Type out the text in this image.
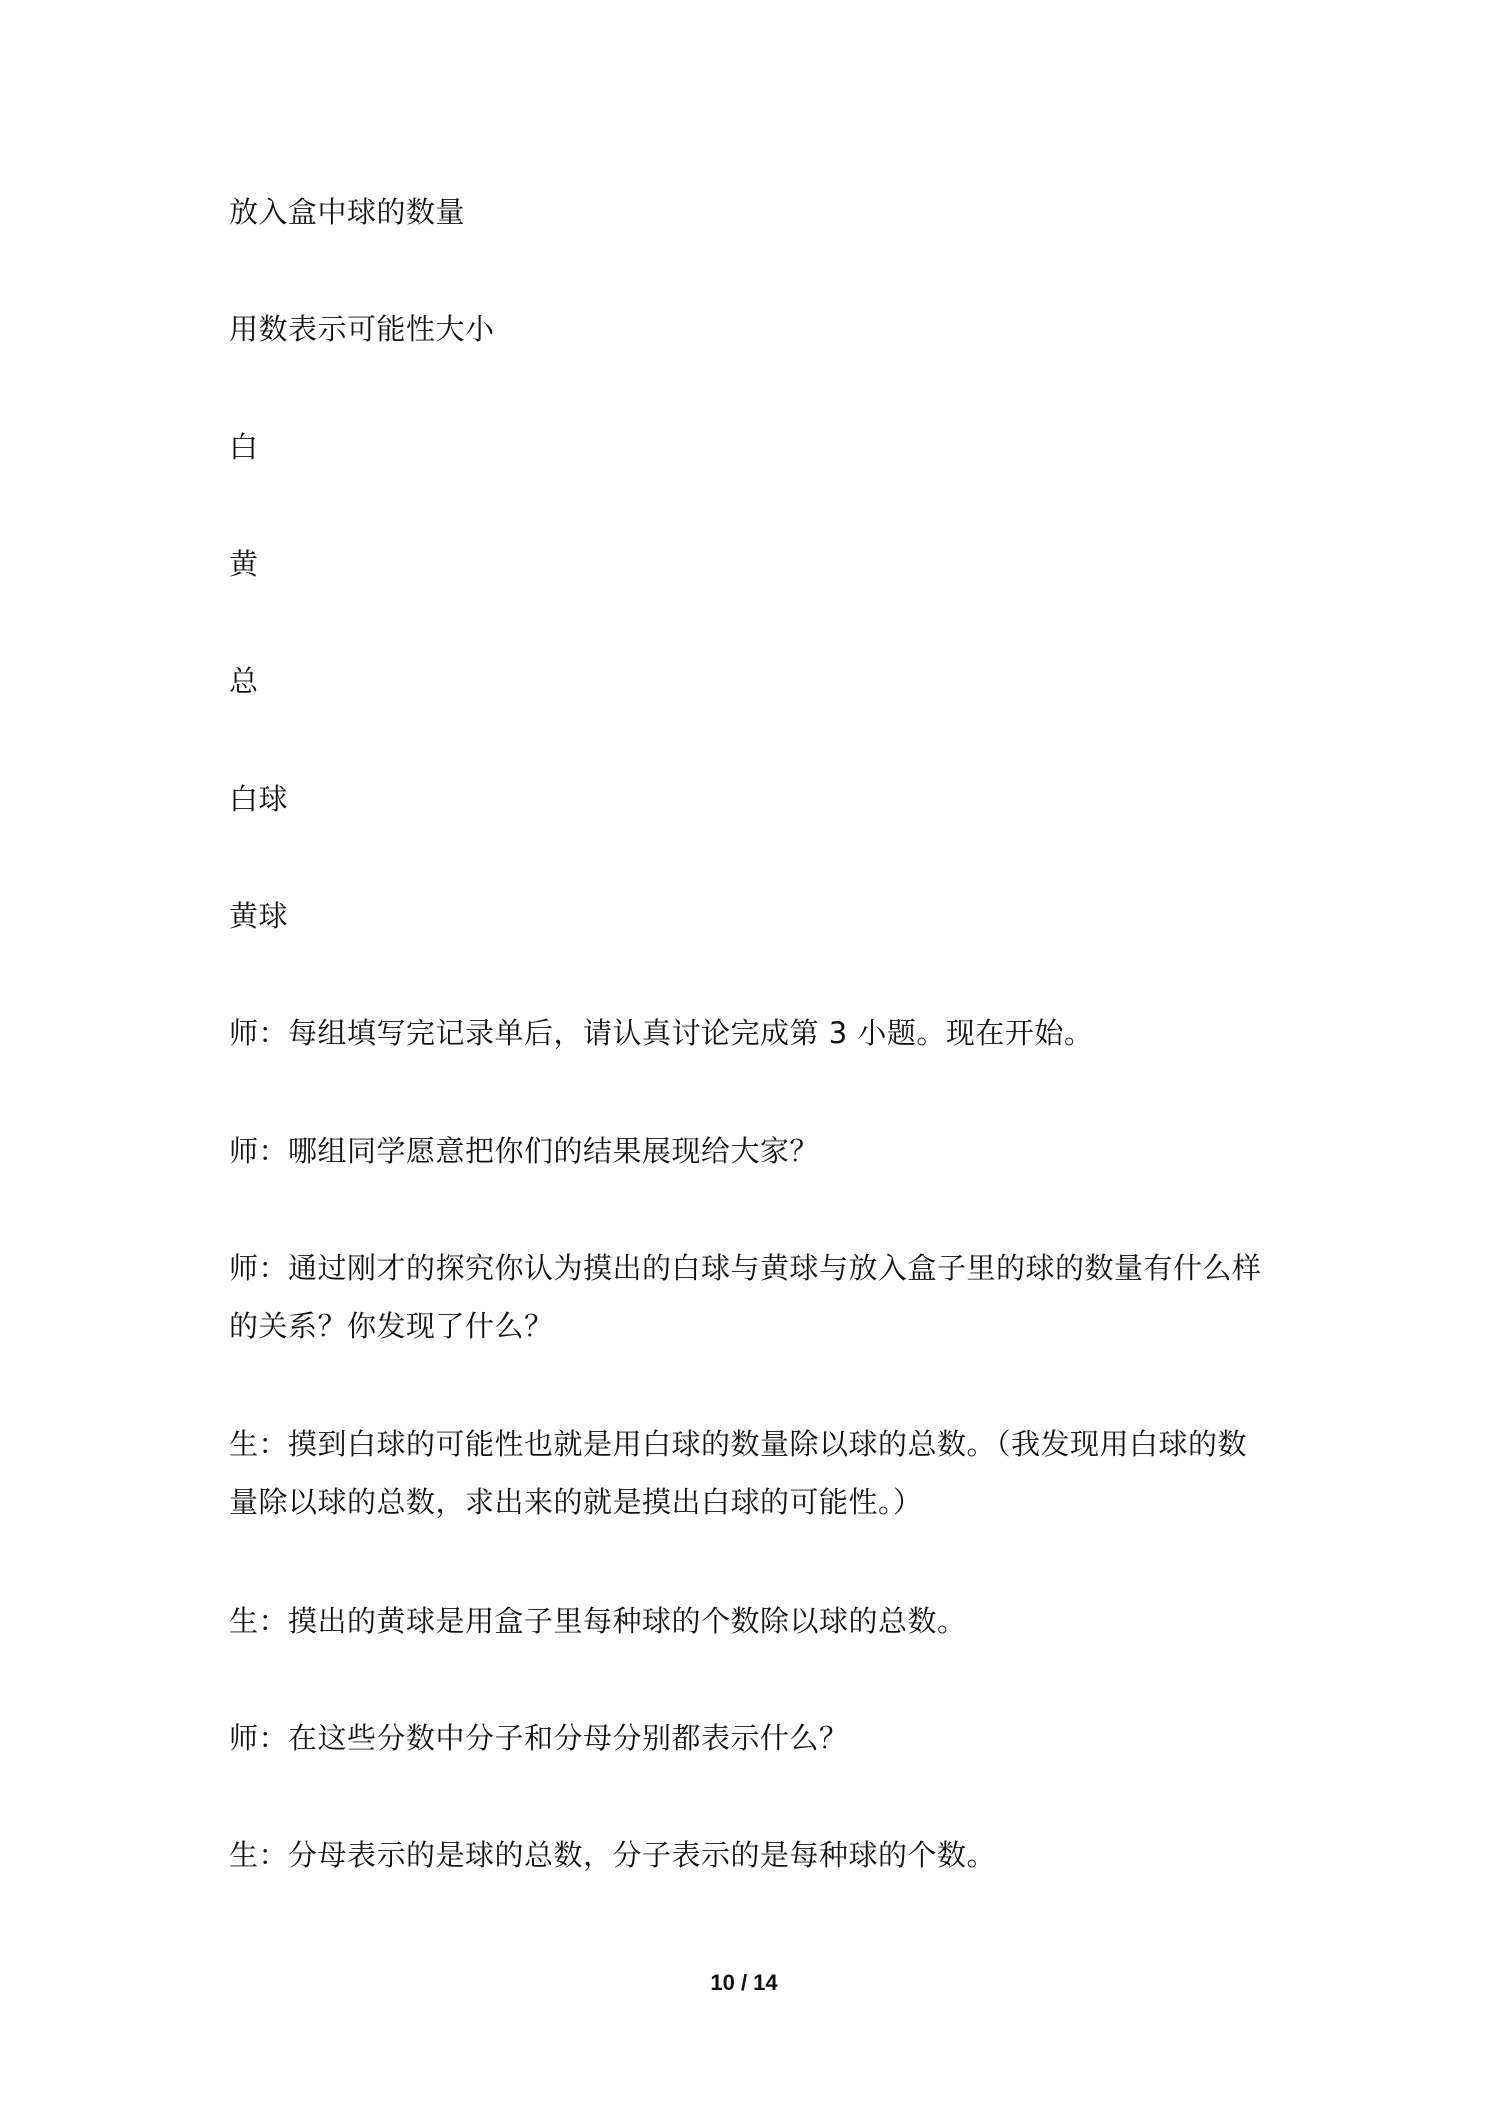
放入盒中球的数量

用数表示可能性大小

白

黄

总

白球

黄球

师：每组填写完记录单后，请认真讨论完成第 3 小题。现在开始。

师：哪组同学愿意把你们的结果展现给大家？

师：通过刚才的探究你认为摸出的白球与黄球与放入盒子里的球的数量有什么样的关系？你发现了什么？

生：摸到白球的可能性也就是用白球的数量除以球的总数。（我发现用白球的数量除以球的总数，求出来的就是摸出白球的可能性。）

生：摸出的黄球是用盒子里每种球的个数除以球的总数。

师：在这些分数中分子和分母分别都表示什么？

生：分母表示的是球的总数，分子表示的是每种球的个数。

10 / 14
